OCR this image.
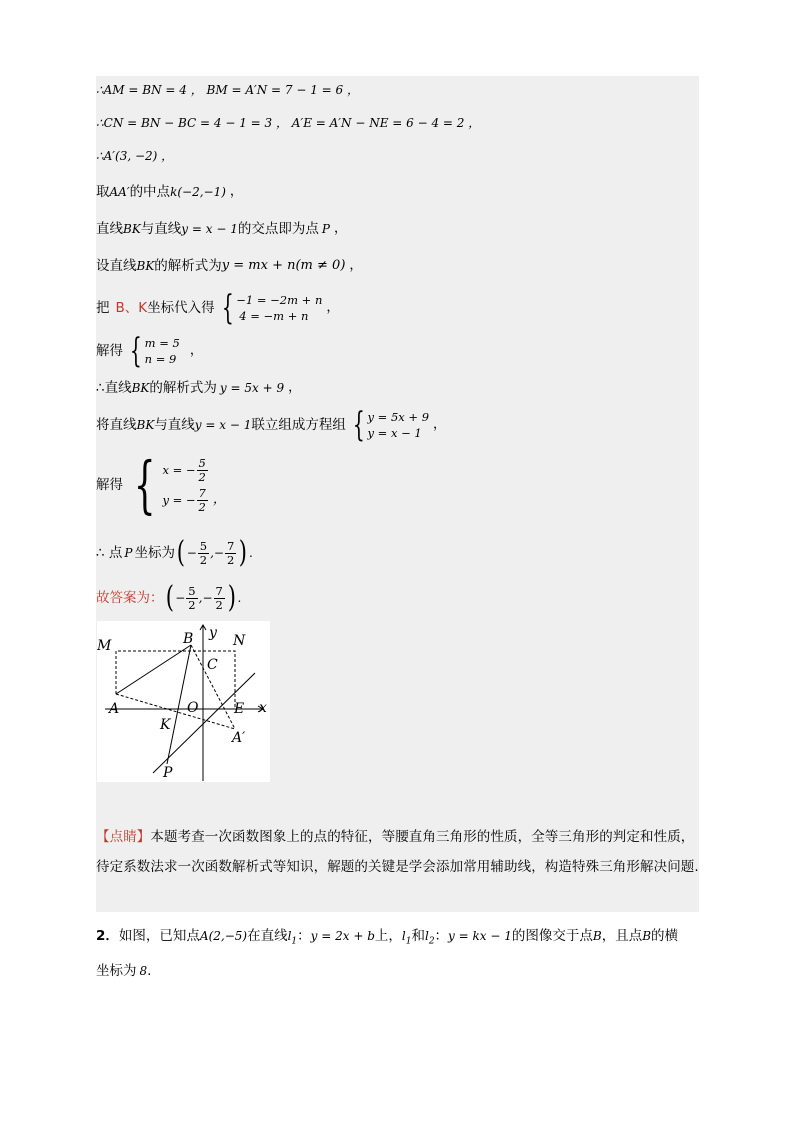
∴AM = BN = 4 ， BM = A′N = 7 − 1 = 6 ，
∴CN = BN − BC = 4 − 1 = 3 ， A′E = A′N − NE = 6 − 4 = 2 ，
∴A′(3, −2) ，
取 AA′ 的中点 k(−2,−1) ，
直线 BK 与直线 y = x − 1 的交点即为点 P ，
设直线 BK 的解析式为 y = mx + n(m ≠ 0) ，
把 B、K 坐标代入得 { −1 = −2m + n
4 = −m + n
，
解得 { m = 5
n = 9
，
∴直线 BK 的解析式为 y = 5x + 9 ，
将直线 BK 与直线 y = x − 1 联立组成方程组 { y = 5x + 9
y = x − 1
，
解得 { x = − $\frac{5}{2}$
y = − $\frac{7}{2}$ ，
∴ 点 P 坐标为 ( − $\frac{5}{2}$ , − $\frac{7}{2}$ ) .
故答案为： ( − $\frac{5}{2}$ , − $\frac{7}{2}$ ) .
M	B y N
C
A	O	E x
K
A′
P
【点睛】本题考查一次函数图象上的点的特征，等腰直角三角形的性质，全等三角形的判定和性质，待定系数法求一次函数解析式等知识，解题的关键是学会添加常用辅助线，构造特殊三角形解决问题.
2．如图，已知点A(2,−5)在直线$l_1$：y = 2x + b上，$l_1$和$l_2$：y = kx − 1的图像交于点B，且点B的横
坐标为 8.
